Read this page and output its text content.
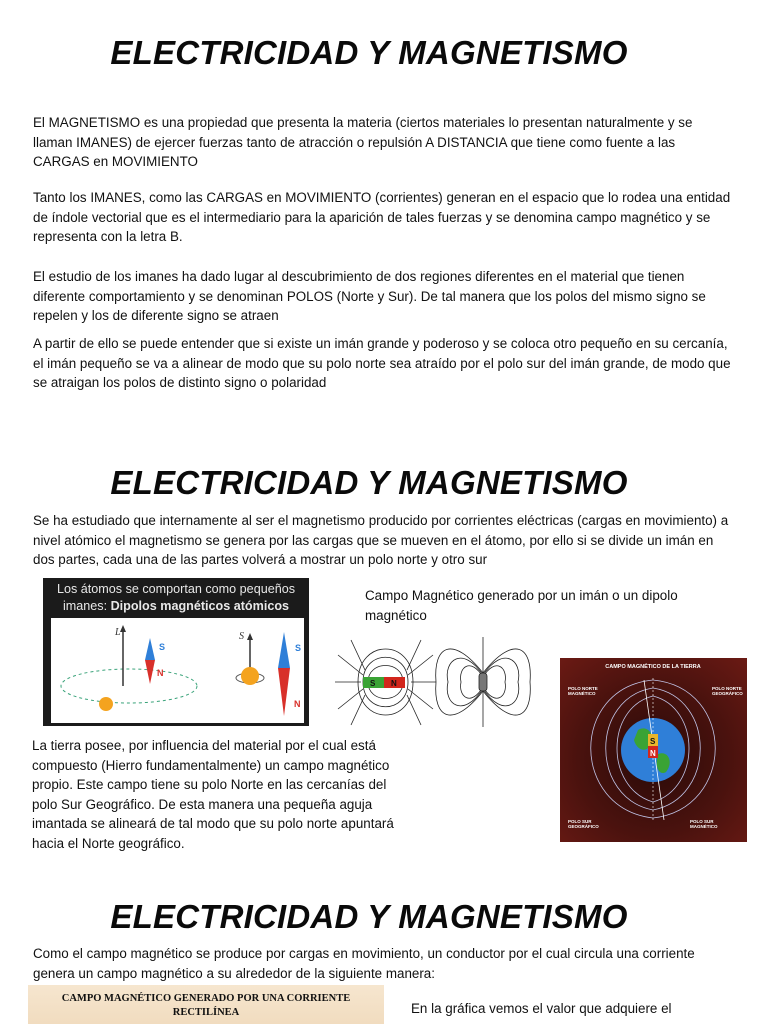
ELECTRICIDAD Y MAGNETISMO
El MAGNETISMO es una propiedad que presenta la materia (ciertos materiales lo presentan naturalmente y se llaman IMANES) de ejercer fuerzas tanto de atracción o repulsión A DISTANCIA que tiene como fuente a las CARGAS en MOVIMIENTO
Tanto los IMANES, como las CARGAS en MOVIMIENTO (corrientes) generan en el espacio que lo rodea una entidad de índole vectorial que es el intermediario para la aparición de tales fuerzas y se denomina campo magnético y se representa con la letra B.
El estudio de los imanes ha dado lugar al descubrimiento de dos regiones diferentes en el material que tienen diferente comportamiento y se denominan POLOS (Norte y Sur). De tal manera que los polos del mismo signo se repelen y los de diferente signo se atraen
A partir de ello se puede entender que si existe un imán grande y poderoso y se coloca otro pequeño en su cercanía, el imán pequeño se va a alinear de modo que su polo norte sea atraído por el polo sur del imán grande, de modo que se atraigan los polos de distinto signo o polaridad
ELECTRICIDAD Y MAGNETISMO
Se ha estudiado que internamente al ser el magnetismo producido por corrientes eléctricas (cargas en movimiento) a nivel atómico el magnetismo se genera por las cargas que se mueven en el átomo, por ello si se divide un imán en dos partes, cada una de las partes volverá a mostrar un polo norte y otro sur
Los átomos se comportan como pequeños
imanes: Dipolos magnéticos atómicos
L
S
N
S
S
N
Campo Magnético generado por un imán o un dipolo magnético
S N
La tierra posee, por influencia del material por el cual está compuesto (Hierro fundamentalmente) un campo magnético propio. Este campo tiene su polo Norte en las cercanías del polo Sur Geográfico. De esta manera una pequeña aguja imantada se alineará de tal modo que su polo norte apuntará hacia el Norte geográfico.
CAMPO MAGNÉTICO DE LA TIERRA
S
N
POLO NORTE
MAGNÉTICO
POLO NORTE
GEOGRÁFICO
POLO SUR
GEOGRÁFICO
POLO SUR
MAGNÉTICO
ELECTRICIDAD Y MAGNETISMO
Como el campo magnético se produce por cargas en movimiento, un conductor por el cual circula una corriente genera un campo magnético a su alrededor de la siguiente manera:
CAMPO MAGNÉTICO GENERADO POR UNA CORRIENTE
RECTILÍNEA	En la gráfica vemos el valor que adquiere el
